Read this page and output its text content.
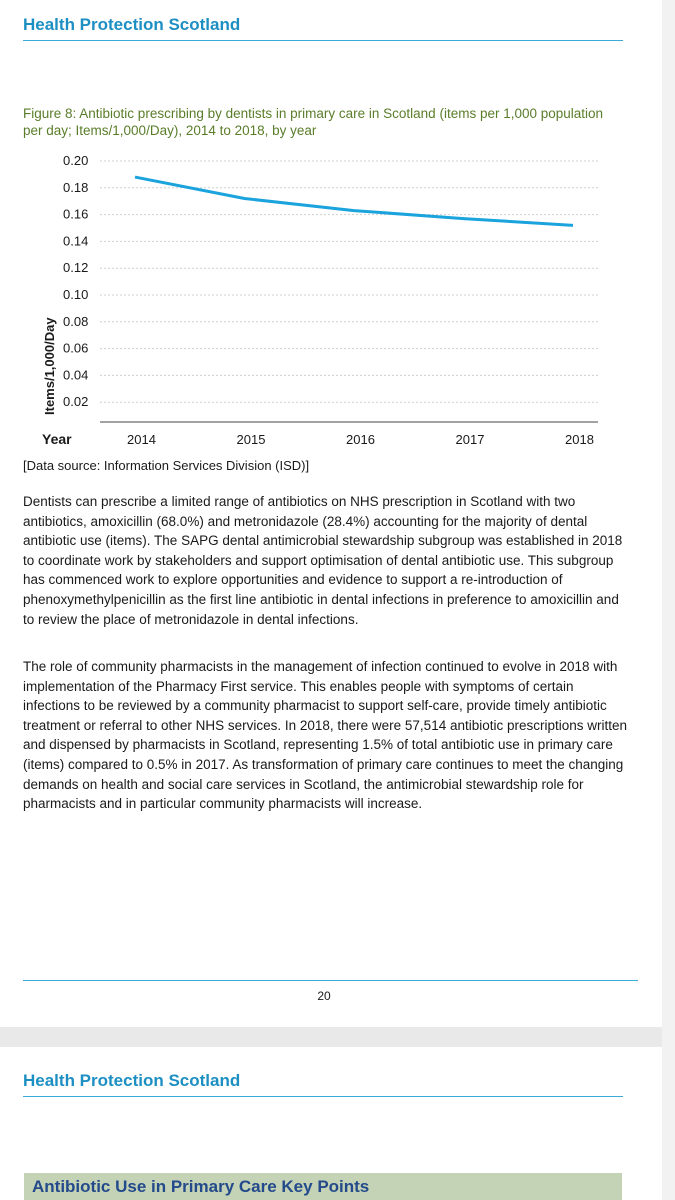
Health Protection Scotland
Figure 8: Antibiotic prescribing by dentists in primary care in Scotland (items per 1,000 population per day; Items/1,000/Day), 2014 to 2018, by year
0.20
0.18
0.16
0.14
0.12
0.10
0.08
0.06
0.04
0.02
2014	2015	2016	2017	2018
Year
Items/1,000/Day
[Data source: Information Services Division (ISD)]

Dentists can prescribe a limited range of antibiotics on NHS prescription in Scotland with two antibiotics, amoxicillin (68.0%) and metronidazole (28.4%) accounting for the majority of dental antibiotic use (items). The SAPG dental antimicrobial stewardship subgroup was established in 2018 to coordinate work by stakeholders and support optimisation of dental antibiotic use. This subgroup has commenced work to explore opportunities and evidence to support a re-introduction of phenoxymethylpenicillin as the first line antibiotic in dental infections in preference to amoxicillin and to review the place of metronidazole in dental infections.

The role of community pharmacists in the management of infection continued to evolve in 2018 with implementation of the Pharmacy First service. This enables people with symptoms of certain infections to be reviewed by a community pharmacist to support self-care, provide timely antibiotic treatment or referral to other NHS services. In 2018, there were 57,514 antibiotic prescriptions written and dispensed by pharmacists in Scotland, representing 1.5% of total antibiotic use in primary care (items) compared to 0.5% in 2017. As transformation of primary care continues to meet the changing demands on health and social care services in Scotland, the antimicrobial stewardship role for pharmacists and in particular community pharmacists will increase.

20
Health Protection Scotland
Antibiotic Use in Primary Care Key Points
